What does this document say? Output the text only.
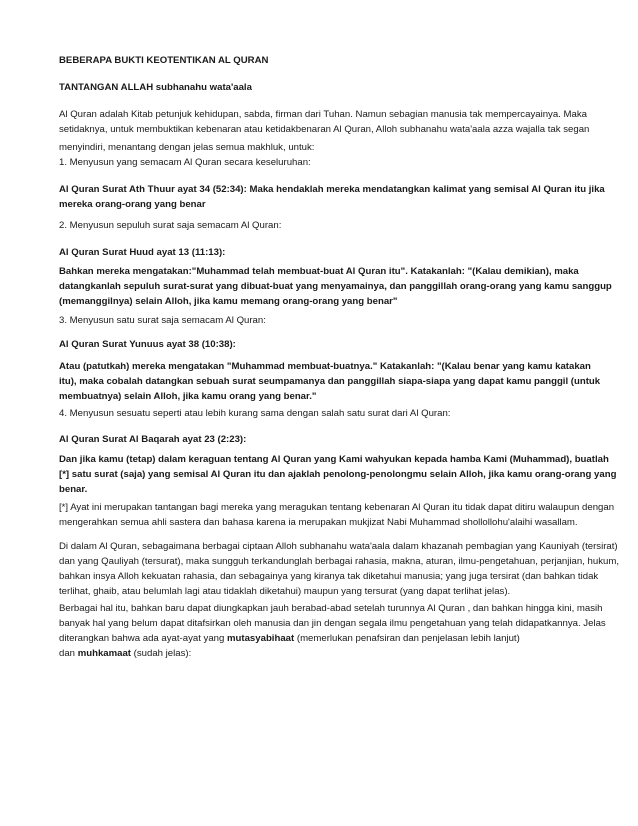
BEBERAPA BUKTI KEOTENTIKAN AL QURAN

TANTANGAN ALLAH subhanahu wata'aala

Al Quran adalah Kitab petunjuk kehidupan, sabda, firman dari Tuhan. Namun sebagian manusia tak mempercayainya. Maka
setidaknya, untuk membuktikan kebenaran atau ketidakbenaran Al Quran, Alloh subhanahu wata'aala azza wajalla tak segan
menyindiri, menantang dengan jelas semua makhluk, untuk:

1. Menyusun yang semacam Al Quran secara keseluruhan:

Al Quran Surat Ath Thuur ayat 34 (52:34): Maka hendaklah mereka mendatangkan kalimat yang semisal Al Quran itu jika
mereka orang-orang yang benar

2. Menyusun sepuluh surat saja semacam Al Quran:

Al Quran Surat Huud ayat 13 (11:13):

Bahkan mereka mengatakan:"Muhammad telah membuat-buat Al Quran itu". Katakanlah: "(Kalau demikian), maka
datangkanlah sepuluh surat-surat yang dibuat-buat yang menyamainya, dan panggillah orang-orang yang kamu sanggup
(memanggilnya) selain Alloh, jika kamu memang orang-orang yang benar"

3. Menyusun satu surat saja semacam Al Quran:

Al Quran Surat Yunuus ayat 38 (10:38):

Atau (patutkah) mereka mengatakan "Muhammad membuat-buatnya." Katakanlah: "(Kalau benar yang kamu katakan
itu), maka cobalah datangkan sebuah surat seumpamanya dan panggillah siapa-siapa yang dapat kamu panggil (untuk
membuatnya) selain Alloh, jika kamu orang yang benar."

4. Menyusun sesuatu seperti atau lebih kurang sama dengan salah satu surat dari Al Quran:

Al Quran Surat Al Baqarah ayat 23 (2:23):

Dan jika kamu (tetap) dalam keraguan tentang Al Quran yang Kami wahyukan kepada hamba Kami (Muhammad), buatlah
[*] satu surat (saja) yang semisal Al Quran itu dan ajaklah penolong-penolongmu selain Alloh, jika kamu orang-orang yang
benar.
[*] Ayat ini merupakan tantangan bagi mereka yang meragukan tentang kebenaran Al Quran itu tidak dapat ditiru walaupun dengan
mengerahkan semua ahli sastera dan bahasa karena ia merupakan mukjizat Nabi Muhammad shollollohu'alaihi wasallam.
Di dalam Al Quran, sebagaimana berbagai ciptaan Alloh subhanahu wata'aala dalam khazanah pembagian yang Kauniyah (tersirat)
dan yang Qauliyah (tersurat), maka sungguh terkandunglah berbagai rahasia, makna, aturan, ilmu-pengetahuan, perjanjian, hukum,
bahkan insya Alloh kekuatan rahasia, dan sebagainya yang kiranya tak diketahui manusia; yang juga tersirat (dan bahkan tidak
terlihat, ghaib, atau belumlah lagi atau tidaklah diketahui) maupun yang tersurat (yang dapat terlihat jelas).
Berbagai hal itu, bahkan baru dapat diungkapkan jauh berabad-abad setelah turunnya Al Quran , dan bahkan hingga kini, masih
banyak hal yang belum dapat ditafsirkan oleh manusia dan jin dengan segala ilmu pengetahuan yang telah didapatkannya. Jelas
diterangkan bahwa ada ayat-ayat yang mutasyabihaat (memerlukan penafsiran dan penjelasan lebih lanjut)
dan muhkamaat (sudah jelas):
